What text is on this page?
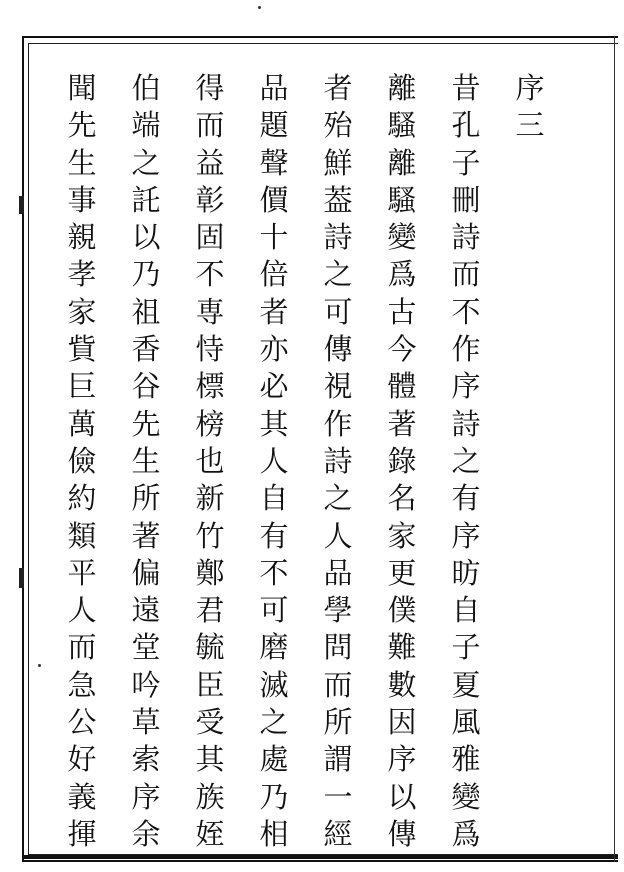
序三
昔孔子刪詩而不作序詩之有序昉自子夏風雅變爲
離騷離騷變爲古今體著錄名家更僕難數因序以傳
者殆鮮葢詩之可傳視作詩之人品學問而所謂一經
品題聲價十倍者亦必其人自有不可磨滅之處乃相
得而益彰固不専恃標榜也新竹鄭君毓臣受其族姪
伯端之託以乃祖香谷先生所著偏遠堂吟草索序余
聞先生事親孝家貲巨萬儉約類平人而急公好義揮
